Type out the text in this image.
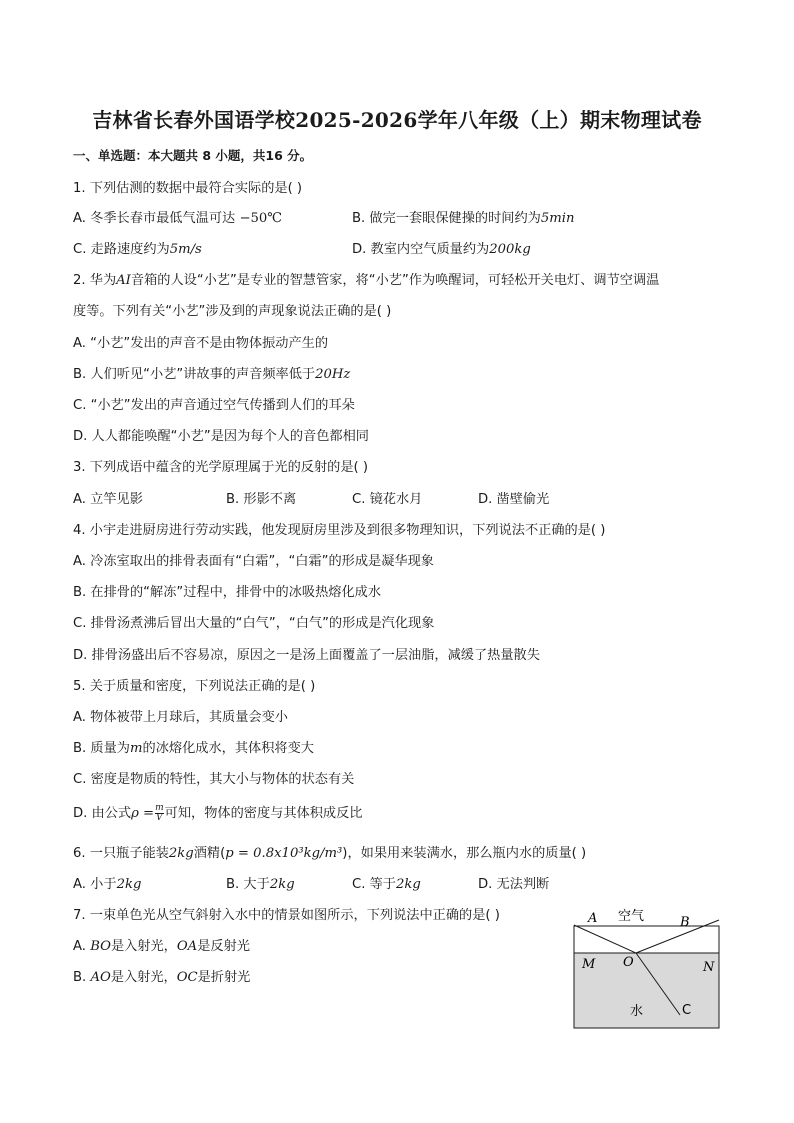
吉林省长春外国语学校2025-2026学年八年级（上）期末物理试卷
一、单选题：本大题共 8 小题，共16 分。
1. 下列估测的数据中最符合实际的是( )
A. 冬季长春市最低气温可达 −50℃	B. 做完一套眼保健操的时间约为5min
C. 走路速度约为5m/s	D. 教室内空气质量约为200kg
2. 华为AI音箱的人设“小艺”是专业的智慧管家，将“小艺”作为唤醒词，可轻松开关电灯、调节空调温
度等。下列有关“小艺”涉及到的声现象说法正确的是( )
A. “小艺”发出的声音不是由物体振动产生的
B. 人们听见“小艺”讲故事的声音频率低于20Hz
C. “小艺”发出的声音通过空气传播到人们的耳朵
D. 人人都能唤醒“小艺”是因为每个人的音色都相同
3. 下列成语中蕴含的光学原理属于光的反射的是( )
A. 立竿见影	B. 形影不离	C. 镜花水月	D. 凿壁偷光
4. 小宇走进厨房进行劳动实践，他发现厨房里涉及到很多物理知识，下列说法不正确的是( )
A. 冷冻室取出的排骨表面有“白霜”，“白霜”的形成是凝华现象
B. 在排骨的“解冻”过程中，排骨中的冰吸热熔化成水
C. 排骨汤煮沸后冒出大量的“白气”，“白气”的形成是汽化现象
D. 排骨汤盛出后不容易凉，原因之一是汤上面覆盖了一层油脂，减缓了热量散失
5. 关于质量和密度，下列说法正确的是( )
A. 物体被带上月球后，其质量会变小
B. 质量为m的冰熔化成水，其体积将变大
C. 密度是物质的特性，其大小与物体的状态有关
D. 由公式$\rho = \frac{m}{V}$ 可知，物体的密度与其体积成反比
6. 一只瓶子能装2kg酒精(p = 0.8x10³kg/m³)，如果用来装满水，那么瓶内水的质量( )
A. 小于2kg	B. 大于2kg	C. 等于2kg	D. 无法判断
7. 一束单色光从空气斜射入水中的情景如图所示，下列说法中正确的是( )
A. BO是入射光，OA是反射光
B. AO是入射光，OC是折射光
A 空气	B
M O	N
水	C
